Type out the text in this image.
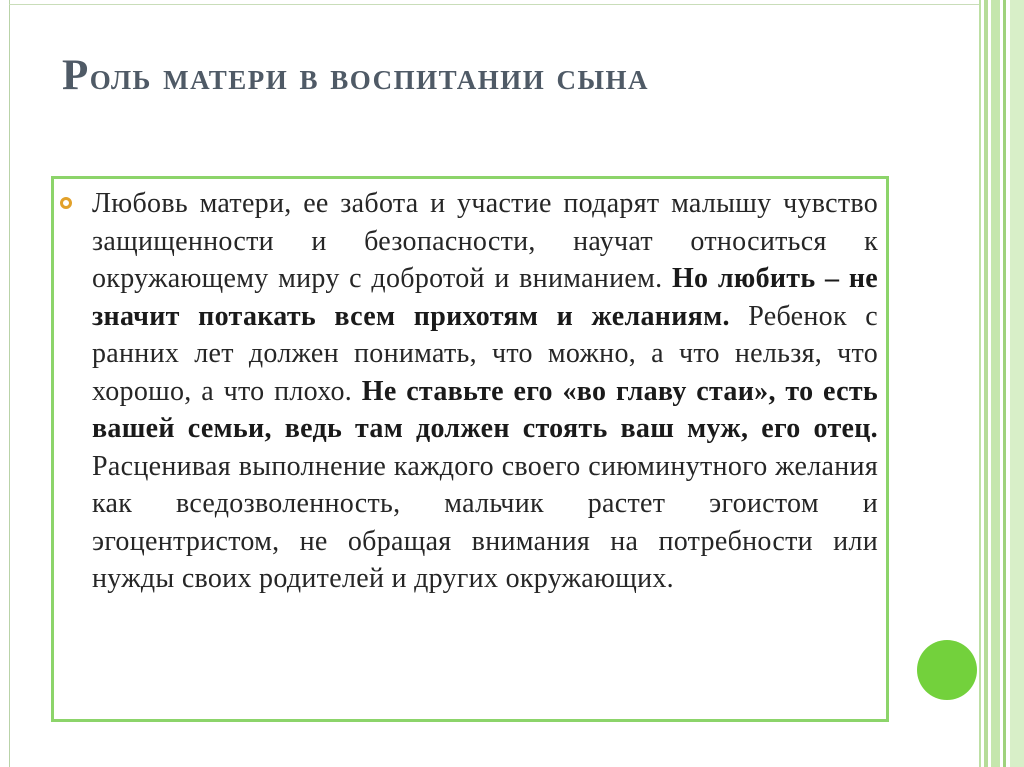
Роль матери в воспитании сына

Любовь матери, ее забота и участие подарят малышу чувство защищенности и безопасности, научат относиться к окружающему миру с добротой и вниманием. Но любить – не значит потакать всем прихотям и желаниям. Ребенок с ранних лет должен понимать, что можно, а что нельзя, что хорошо, а что плохо. Не ставьте его «во главу стаи», то есть вашей семьи, ведь там должен стоять ваш муж, его отец. Расценивая выполнение каждого своего сиюминутного желания как вседозволенность, мальчик растет эгоистом и эгоцентристом, не обращая внимания на потребности или нужды своих родителей и других окружающих.
